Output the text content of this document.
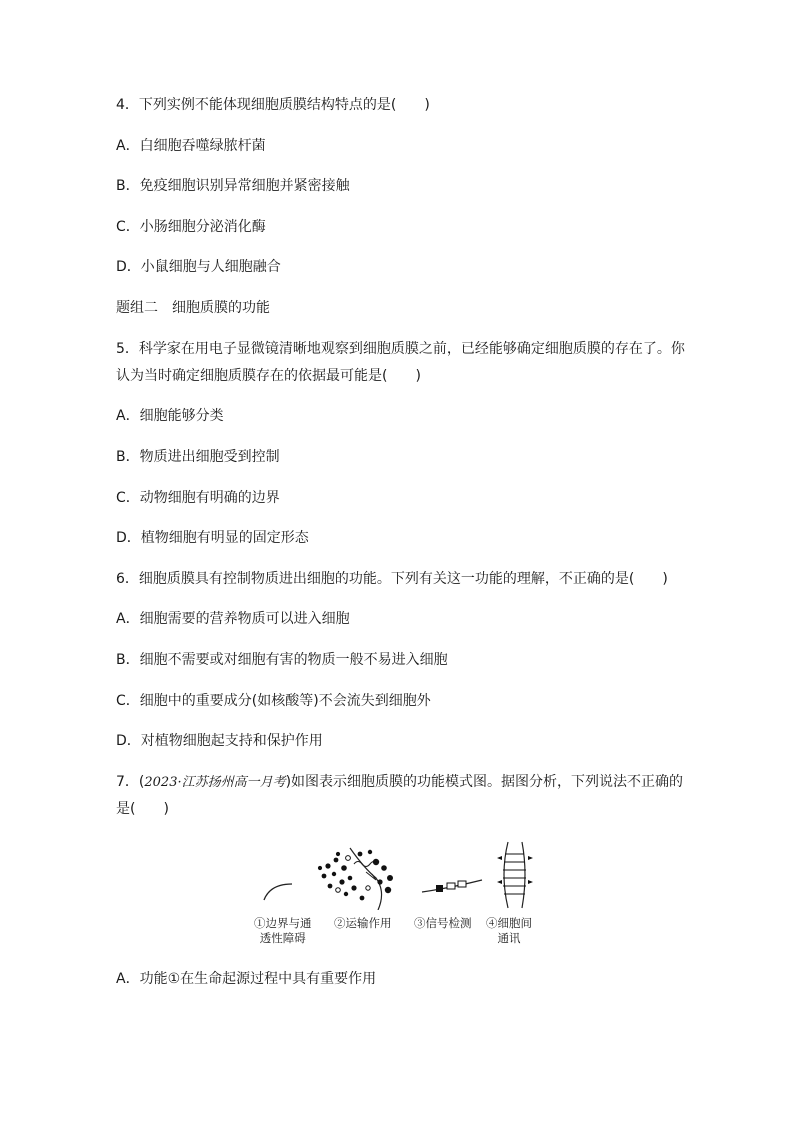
4．下列实例不能体现细胞质膜结构特点的是(　　)
A．白细胞吞噬绿脓杆菌
B．免疫细胞识别异常细胞并紧密接触
C．小肠细胞分泌消化酶
D．小鼠细胞与人细胞融合
题组二　细胞质膜的功能
5．科学家在用电子显微镜清晰地观察到细胞质膜之前，已经能够确定细胞质膜的存在了。你
认为当时确定细胞质膜存在的依据最可能是(　　)
A．细胞能够分类
B．物质进出细胞受到控制
C．动物细胞有明确的边界
D．植物细胞有明显的固定形态
6．细胞质膜具有控制物质进出细胞的功能。下列有关这一功能的理解，不正确的是(　　)
A．细胞需要的营养物质可以进入细胞
B．细胞不需要或对细胞有害的物质一般不易进入细胞
C．细胞中的重要成分(如核酸等)不会流失到细胞外
D．对植物细胞起支持和保护作用
7．(2023·江苏扬州高一月考)如图表示细胞质膜的功能模式图。据图分析，下列说法不正确的
是(　　)
①边界与通
透性障碍
②运输作用 ③信号检测 ④细胞间
通讯
A．功能①在生命起源过程中具有重要作用
